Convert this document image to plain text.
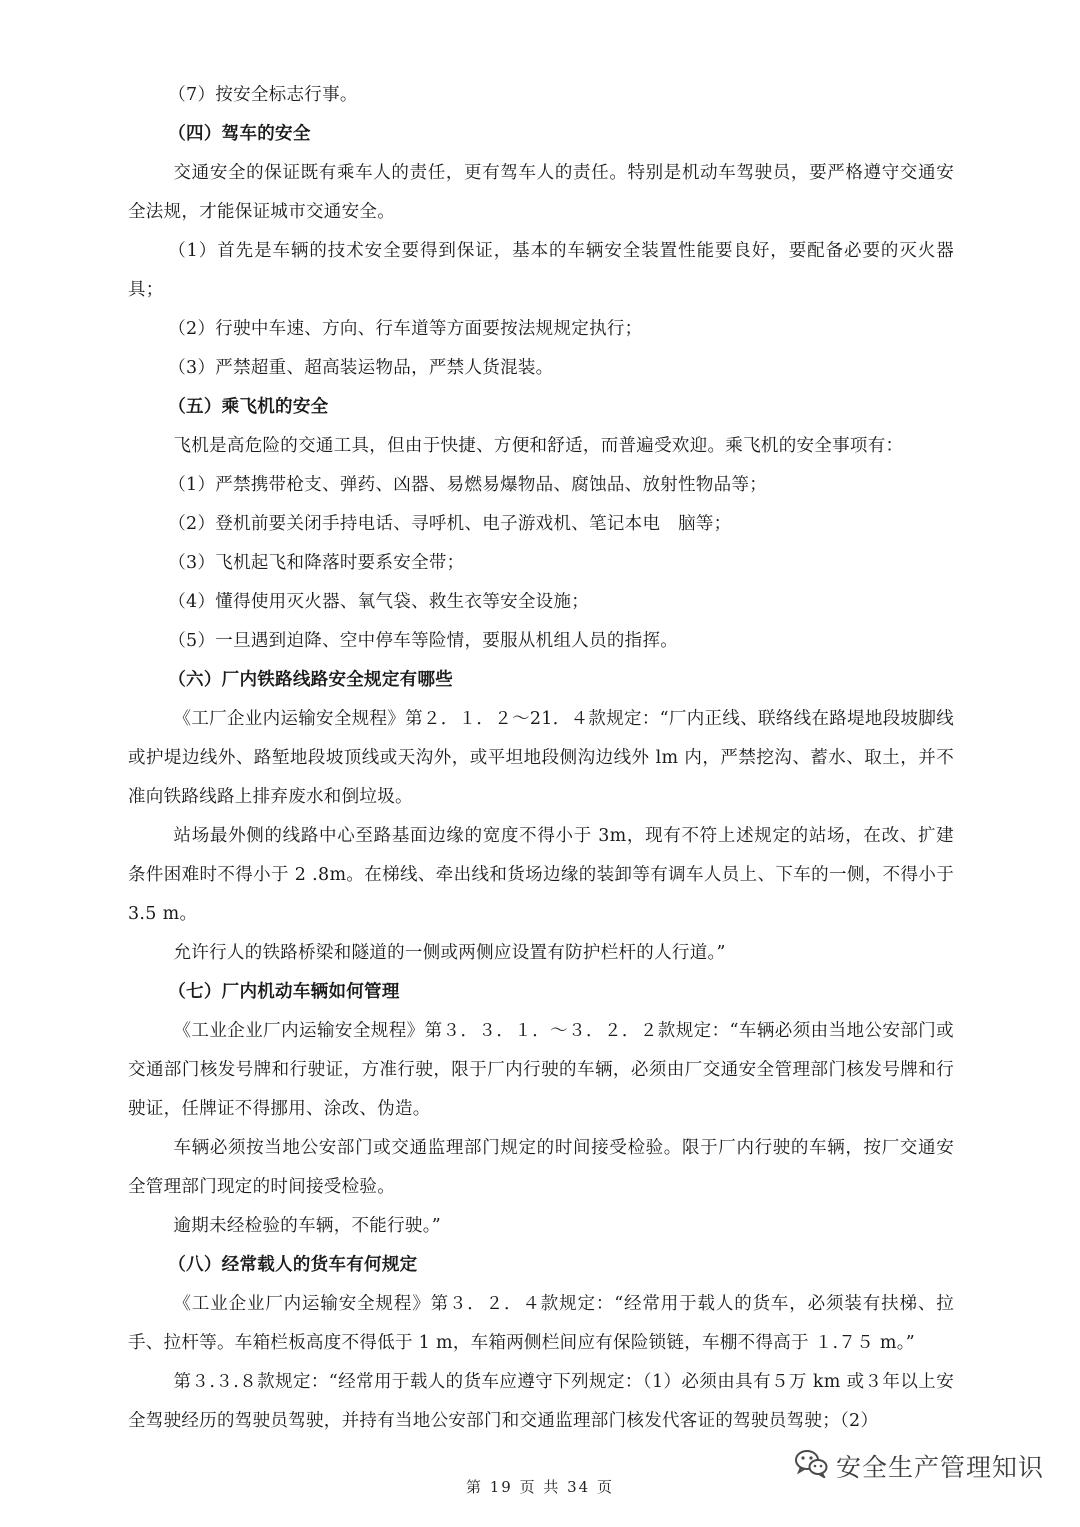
（7）按安全标志行事。

（四）驾车的安全

交通安全的保证既有乘车人的责任，更有驾车人的责任。特别是机动车驾驶员，要严格遵守交通安全法规，才能保证城市交通安全。

（1）首先是车辆的技术安全要得到保证，基本的车辆安全装置性能要良好，要配备必要的灭火器具；

（2）行驶中车速、方向、行车道等方面要按法规规定执行；

（3）严禁超重、超高装运物品，严禁人货混装。

（五）乘飞机的安全

飞机是高危险的交通工具，但由于快捷、方便和舒适，而普遍受欢迎。乘飞机的安全事项有：

（1）严禁携带枪支、弹药、凶器、易燃易爆物品、腐蚀品、放射性物品等；

（2）登机前要关闭手持电话、寻呼机、电子游戏机、笔记本电　脑等；

（3）飞机起飞和降落时要系安全带；

（4）懂得使用灭火器、氧气袋、救生衣等安全设施；

（5）一旦遇到迫降、空中停车等险情，要服从机组人员的指挥。

（六）厂内铁路线路安全规定有哪些

《工厂企业内运输安全规程》第２．１．２～21．４款规定：“厂内正线、联络线在路堤地段坡脚线或护堤边线外、路堑地段坡顶线或天沟外，或平坦地段侧沟边线外 lm 内，严禁挖沟、蓄水、取土，并不准向铁路线路上排弃废水和倒垃圾。

站场最外侧的线路中心至路基面边缘的宽度不得小于 3m，现有不符上述规定的站场，在改、扩建条件困难时不得小于 2 .8m。在梯线、牵出线和货场边缘的装卸等有调车人员上、下车的一侧，不得小于 3.5 m。

允许行人的铁路桥梁和隧道的一侧或两侧应设置有防护栏杆的人行道。”

（七）厂内机动车辆如何管理

《工业企业厂内运输安全规程》第３．３．１．～３．２．２款规定：“车辆必须由当地公安部门或交通部门核发号牌和行驶证，方准行驶，限于厂内行驶的车辆，必须由厂交通安全管理部门核发号牌和行驶证，任牌证不得挪用、涂改、伪造。

车辆必须按当地公安部门或交通监理部门规定的时间接受检验。限于厂内行驶的车辆，按厂交通安全管理部门现定的时间接受检验。

逾期未经检验的车辆，不能行驶。”

（八）经常载人的货车有何规定

《工业企业厂内运输安全规程》第３．２．４款规定：“经常用于载人的货车，必须装有扶梯、拉手、拉杆等。车箱栏板高度不得低于 1 m，车箱两侧栏间应有保险锁链，车棚不得高于 １.７５ m。”

第３.３.８款规定：“经常用于载人的货车应遵守下列规定：（1）必须由具有５万 km 或３年以上安全驾驶经历的驾驶员驾驶，并持有当地公安部门和交通监理部门核发代客证的驾驶员驾驶；（2）

第 19 页 共 34 页
安全生产管理知识
